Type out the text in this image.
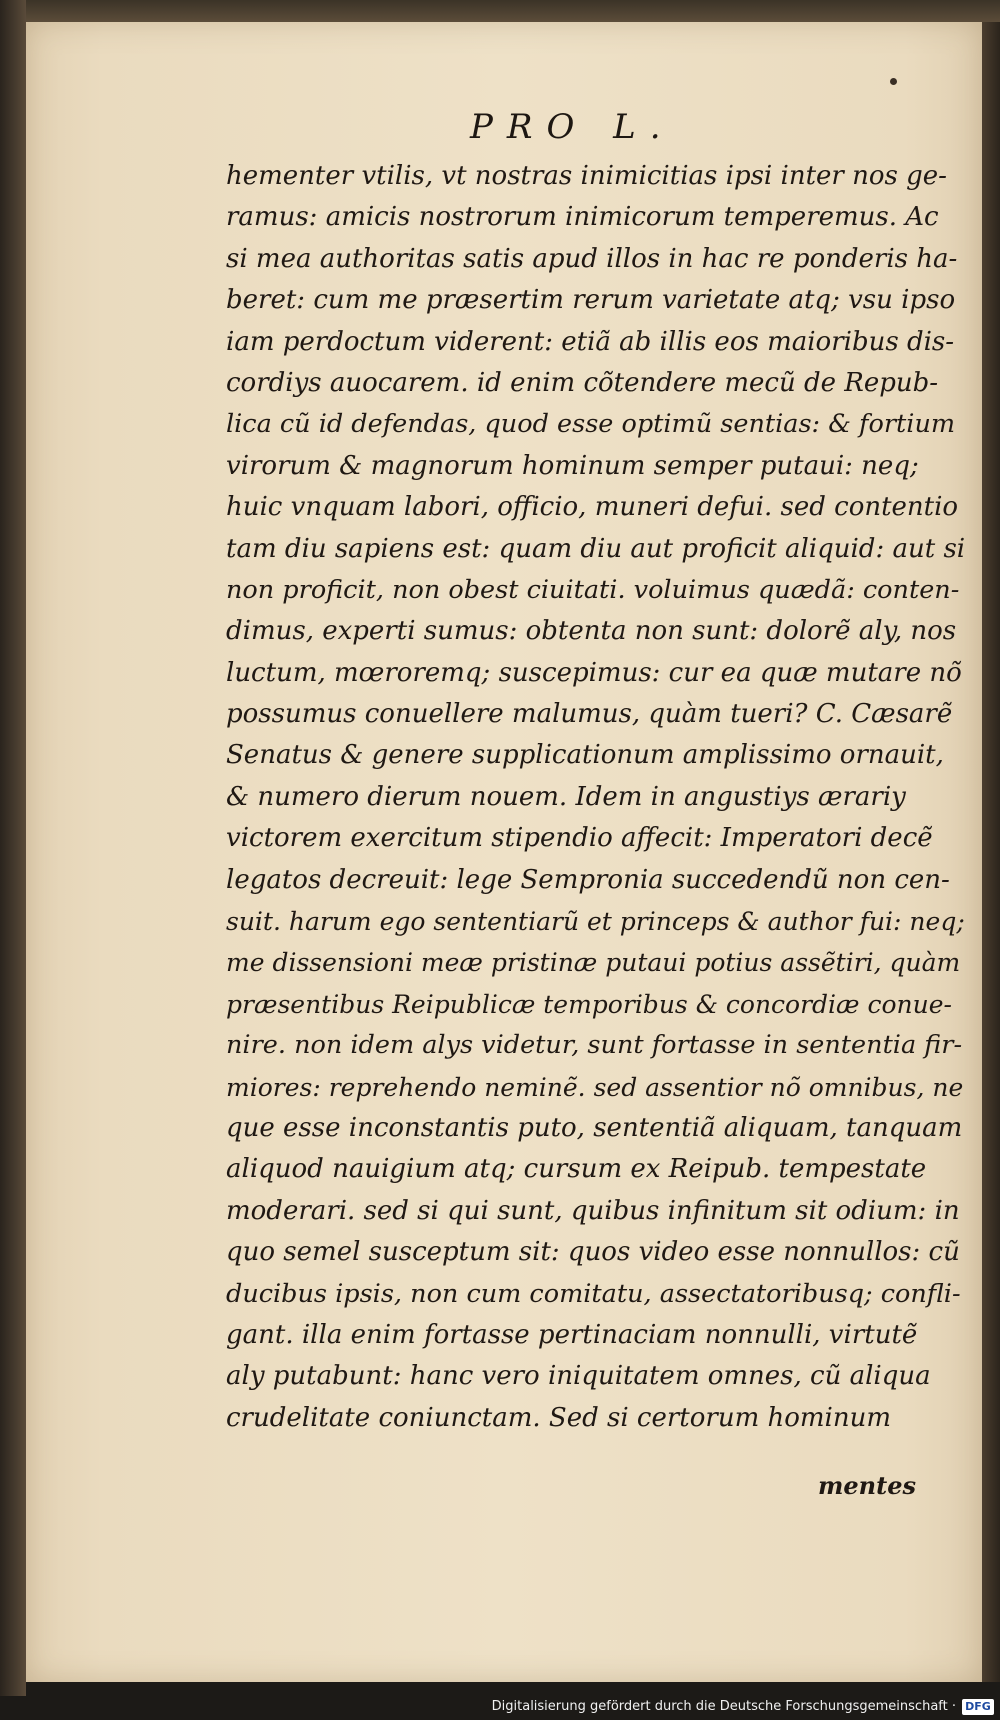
PRO L.
hementer vtilis, vt nostras inimicitias ipsi inter nos ge-
ramus: amicis nostrorum inimicorum temperemus. Ac
si mea authoritas satis apud illos in hac re ponderis ha-
beret: cum me præsertim rerum varietate atq; vsu ipso
iam perdoctum viderent: etiã ab illis eos maioribus dis-
cordiys auocarem. id enim cõtendere mecũ de Repub-
lica cũ id defendas, quod esse optimũ sentias: & fortium
virorum & magnorum hominum semper putaui: neq;
huic vnquam labori, officio, muneri defui. sed contentio
tam diu sapiens est: quam diu aut proficit aliquid: aut si
non proficit, non obest ciuitati. voluimus quædã: conten-
dimus, experti sumus: obtenta non sunt: dolorẽ aly, nos
luctum, mœroremq; suscepimus: cur ea quæ mutare nõ
possumus conuellere malumus, quàm tueri? C. Cæsarẽ
Senatus & genere supplicationum amplissimo ornauit,
& numero dierum nouem. Idem in angustiys ærariy
victorem exercitum stipendio affecit: Imperatori decẽ
legatos decreuit: lege Sempronia succedendũ non cen-
suit. harum ego sententiarũ et princeps & author fui: neq;
me dissensioni meæ pristinæ putaui potius assẽtiri, quàm
præsentibus Reipublicæ temporibus & concordiæ conue-
nire. non idem alys videtur, sunt fortasse in sententia fir-
miores: reprehendo neminẽ. sed assentior nõ omnibus, ne
que esse inconstantis puto, sententiã aliquam, tanquam
aliquod nauigium atq; cursum ex Reipub. tempestate
moderari. sed si qui sunt, quibus infinitum sit odium: in
quo semel susceptum sit: quos video esse nonnullos: cũ
ducibus ipsis, non cum comitatu, assectatoribusq; confli-
gant. illa enim fortasse pertinaciam nonnulli, virtutẽ
aly putabunt: hanc vero iniquitatem omnes, cũ aliqua
crudelitate coniunctam. Sed si certorum hominum
mentes
Digitalisierung gefördert durch die Deutsche Forschungsgemeinschaft · DFG
